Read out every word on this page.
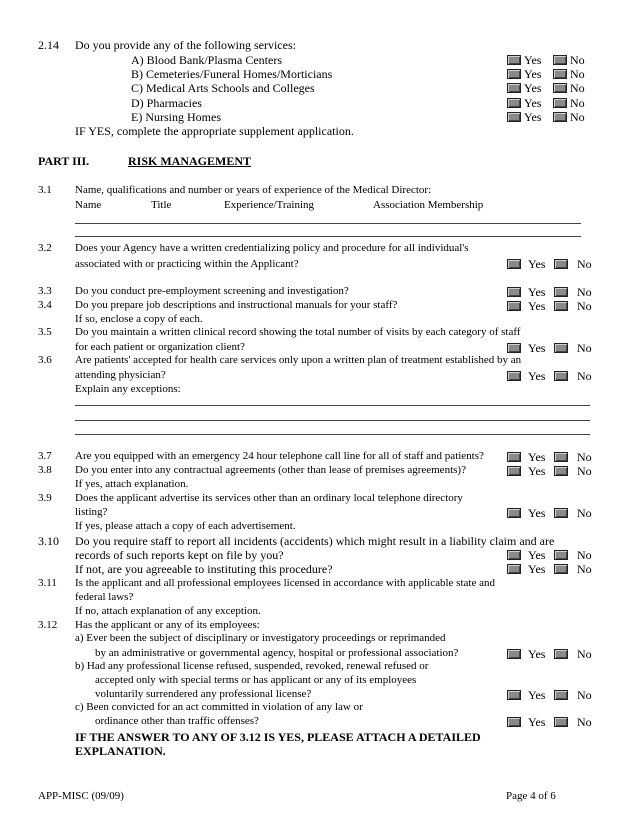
2.14 Do you provide any of the following services:
A) Blood Bank/Plasma Centers	Yes No
B) Cemeteries/Funeral Homes/Morticians	Yes No
C) Medical Arts Schools and Colleges	Yes No
D) Pharmacies	Yes No
E) Nursing Homes	Yes No
IF YES, complete the appropriate supplement application.
PART III.	RISK MANAGEMENT
3.1 Name, qualifications and number or years of experience of the Medical Director:
Name	Title	Experience/Training	Association Membership
3.2 Does your Agency have a written credentializing policy and procedure for all individual's
associated with or practicing within the Applicant?	Yes	No
3.3 Do you conduct pre-employment screening and investigation?	Yes	No
3.4 Do you prepare job descriptions and instructional manuals for your staff?	Yes	No
If so, enclose a copy of each.
3.5 Do you maintain a written clinical record showing the total number of visits by each category of staff
for each patient or organization client?	Yes	No
3.6 Are patients' accepted for health care services only upon a written plan of treatment established by an
attending physician?	Yes	No
Explain any exceptions:
3.7 Are you equipped with an emergency 24 hour telephone call line for all of staff and patients?	Yes	No
3.8 Do you enter into any contractual agreements (other than lease of premises agreements)?	Yes	No
If yes, attach explanation.
3.9 Does the applicant advertise its services other than an ordinary local telephone directory
listing?	Yes	No
If yes, please attach a copy of each advertisement.
3.10 Do you require staff to report all incidents (accidents) which might result in a liability claim and are
records of such reports kept on file by you?	Yes	No
If not, are you agreeable to instituting this procedure?	Yes	No
3.11 Is the applicant and all professional employees licensed in accordance with applicable state and
federal laws?
If no, attach explanation of any exception.
3.12 Has the applicant or any of its employees:
a) Ever been the subject of disciplinary or investigatory proceedings or reprimanded
by an administrative or governmental agency, hospital or professional association?	Yes	No
b) Had any professional license refused, suspended, revoked, renewal refused or
accepted only with special terms or has applicant or any of its employees
voluntarily surrendered any professional license?	Yes	No
c) Been convicted for an act committed in violation of any law or
ordinance other than traffic offenses?	Yes	No
IF THE ANSWER TO ANY OF 3.12 IS YES, PLEASE ATTACH A DETAILED
EXPLANATION.
APP-MISC (09/09)	Page 4 of 6
